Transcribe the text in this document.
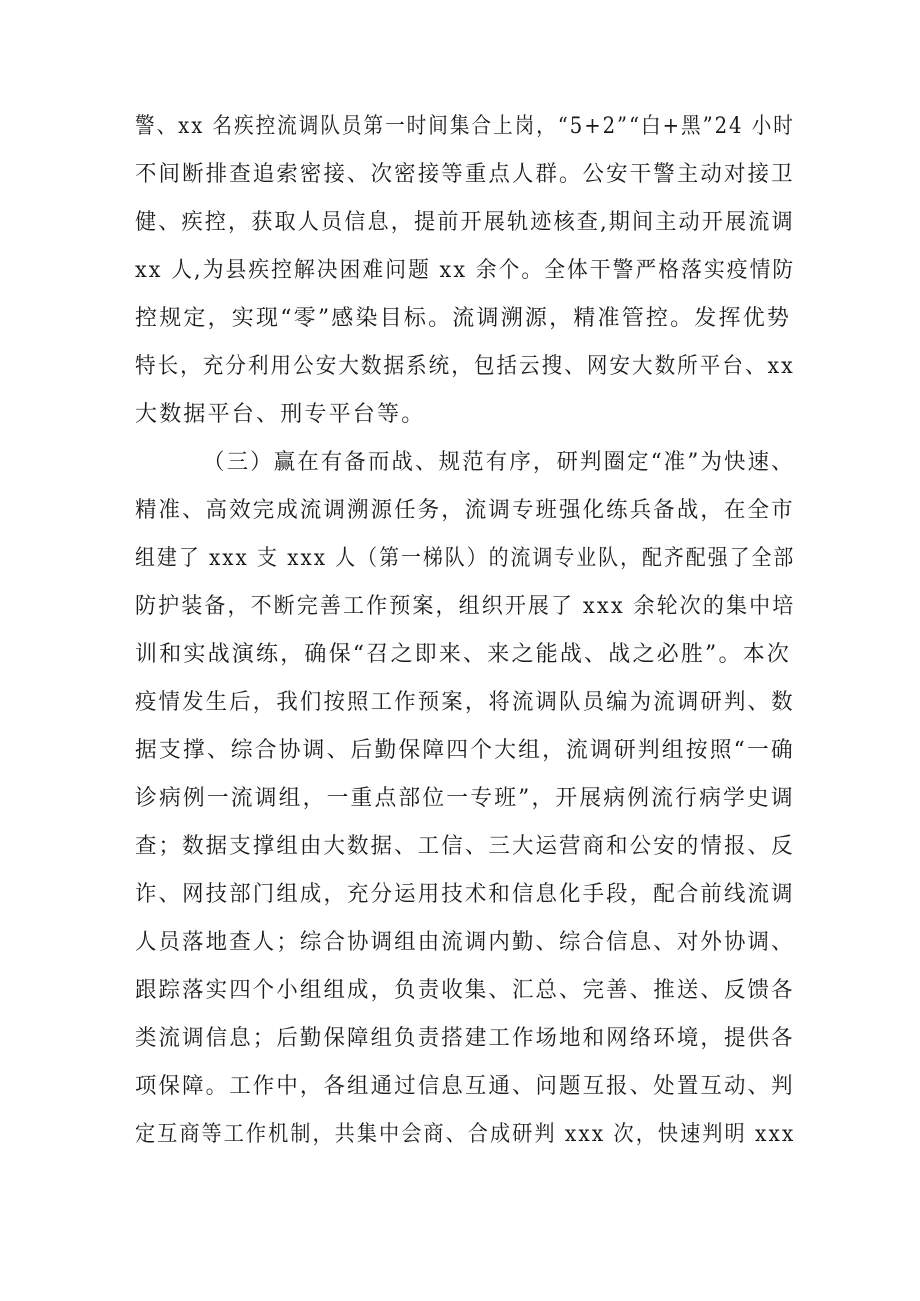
警、xx 名疾控流调队员第一时间集合上岗，“5+2”“白+黑”24 小时
不间断排查追索密接、次密接等重点人群。公安干警主动对接卫
健、疾控，获取人员信息，提前开展轨迹核查,期间主动开展流调
xx 人,为县疾控解决困难问题 xx 余个。全体干警严格落实疫情防
控规定，实现“零”感染目标。流调溯源，精准管控。发挥优势
特长，充分利用公安大数据系统，包括云搜、网安大数所平台、xx
大数据平台、刑专平台等。
（三）赢在有备而战、规范有序，研判圈定“准”为快速、
精准、高效完成流调溯源任务，流调专班强化练兵备战，在全市
组建了 xxx 支 xxx 人（第一梯队）的流调专业队，配齐配强了全部
防护装备，不断完善工作预案，组织开展了 xxx 余轮次的集中培
训和实战演练，确保“召之即来、来之能战、战之必胜”。本次
疫情发生后，我们按照工作预案，将流调队员编为流调研判、数
据支撑、综合协调、后勤保障四个大组，流调研判组按照“一确
诊病例一流调组，一重点部位一专班”，开展病例流行病学史调
查；数据支撑组由大数据、工信、三大运营商和公安的情报、反
诈、网技部门组成，充分运用技术和信息化手段，配合前线流调
人员落地查人；综合协调组由流调内勤、综合信息、对外协调、
跟踪落实四个小组组成，负责收集、汇总、完善、推送、反馈各
类流调信息；后勤保障组负责搭建工作场地和网络环境，提供各
项保障。工作中，各组通过信息互通、问题互报、处置互动、判
定互商等工作机制，共集中会商、合成研判 xxx 次，快速判明 xxx
